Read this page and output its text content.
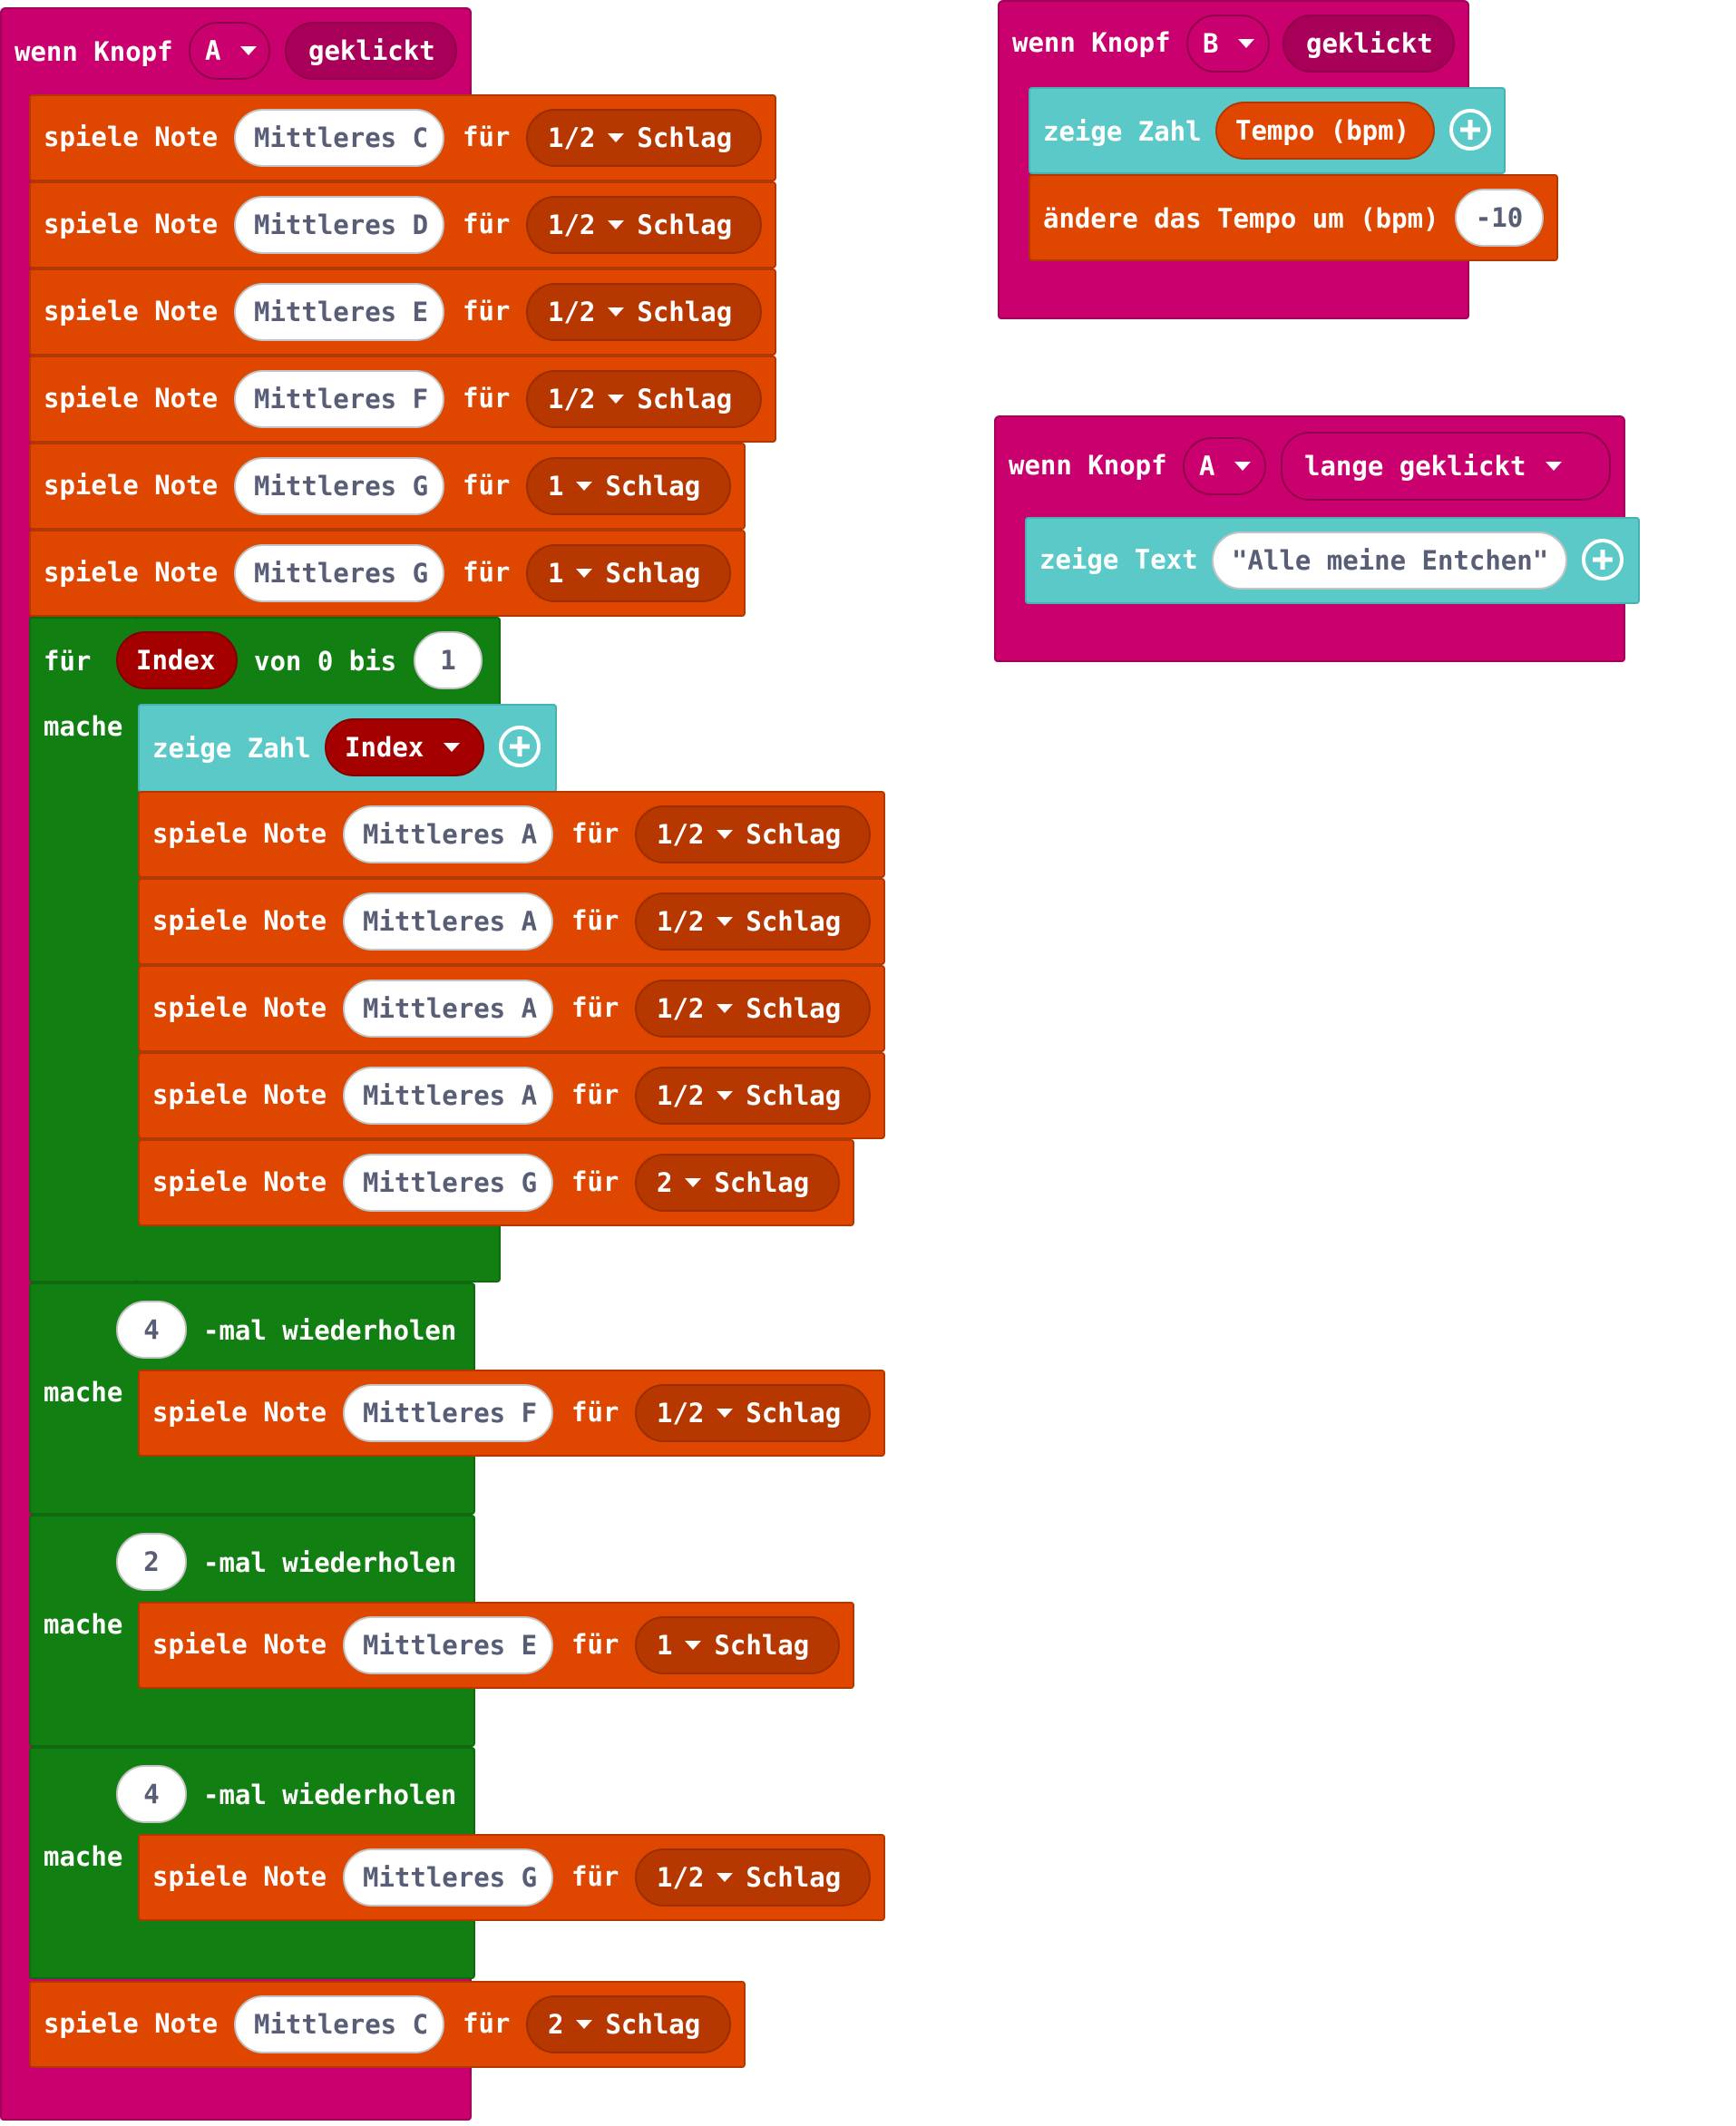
wenn Knopf A
	geklickt
spiele Note Mittleres C für 1/2 Schlag
spiele Note Mittleres D für 1/2 Schlag
spiele Note Mittleres E für 1/2 Schlag
spiele Note Mittleres F für 1/2 Schlag
spiele Note Mittleres G für 1 Schlag
spiele Note Mittleres G für 1 Schlag
für Index von 0 bis 1
mache
zeige Zahl Index

spiele Note Mittleres A für 1/2 Schlag
spiele Note Mittleres A für 1/2 Schlag
spiele Note Mittleres A für 1/2 Schlag
spiele Note Mittleres A für 1/2 Schlag
spiele Note Mittleres G für 2 Schlag
4 -mal wiederholen
mache
spiele Note Mittleres F für 1/2 Schlag
2 -mal wiederholen
mache
spiele Note Mittleres E für 1 Schlag
4 -mal wiederholen
mache
spiele Note Mittleres G für 1/2 Schlag
spiele Note Mittleres C für 2 Schlag
wenn Knopf B
	geklickt
zeige Zahl Tempo (bpm)
ändere das Tempo um (bpm) -10
wenn Knopf A
	lange geklickt

zeige Text "Alle meine Entchen"
